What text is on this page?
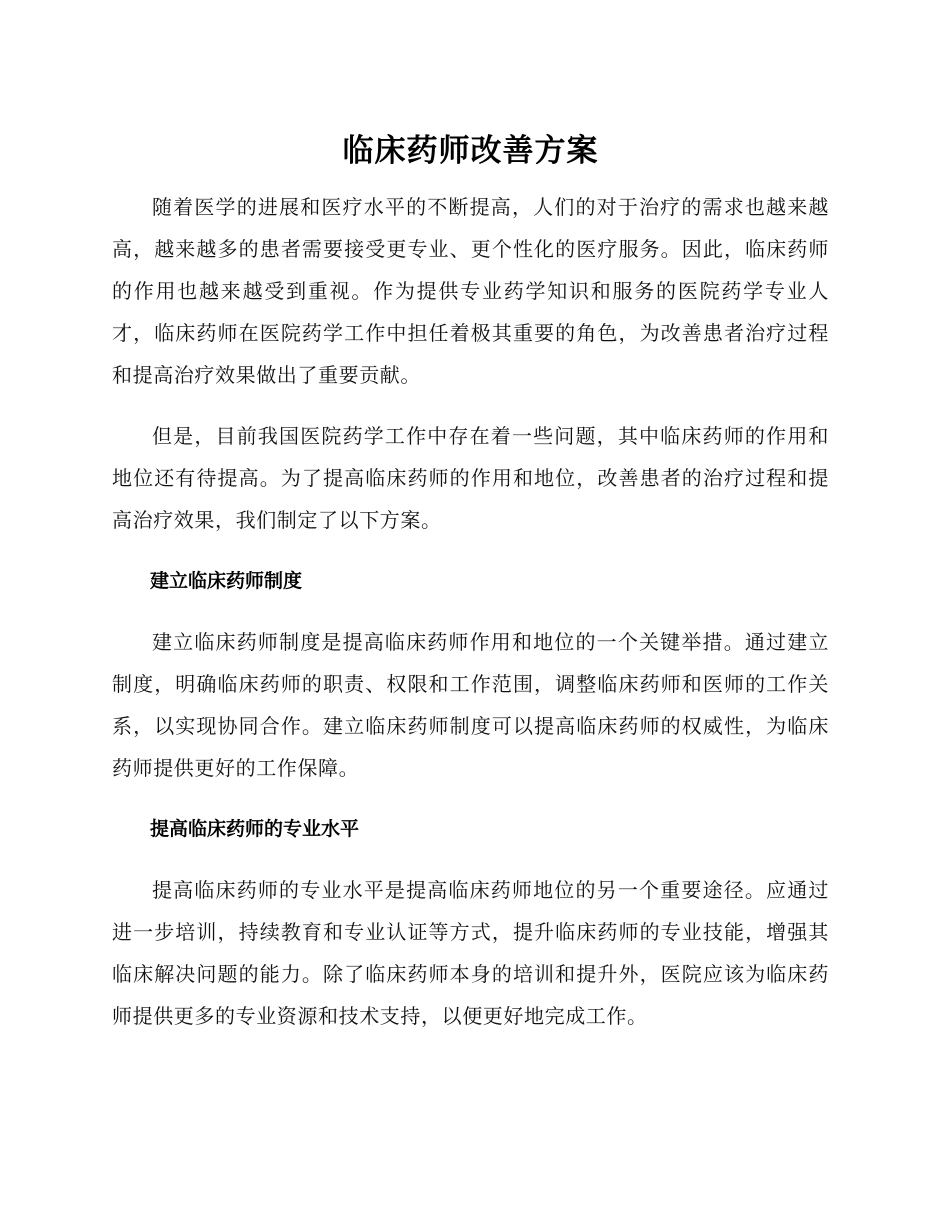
临床药师改善方案

随着医学的进展和医疗水平的不断提高，人们的对于治疗的需求也越来越高，越来越多的患者需要接受更专业、更个性化的医疗服务。因此，临床药师的作用也越来越受到重视。作为提供专业药学知识和服务的医院药学专业人才，临床药师在医院药学工作中担任着极其重要的角色，为改善患者治疗过程和提高治疗效果做出了重要贡献。

但是，目前我国医院药学工作中存在着一些问题，其中临床药师的作用和地位还有待提高。为了提高临床药师的作用和地位，改善患者的治疗过程和提高治疗效果，我们制定了以下方案。

建立临床药师制度

建立临床药师制度是提高临床药师作用和地位的一个关键举措。通过建立制度，明确临床药师的职责、权限和工作范围，调整临床药师和医师的工作关系，以实现协同合作。建立临床药师制度可以提高临床药师的权威性，为临床药师提供更好的工作保障。

提高临床药师的专业水平

提高临床药师的专业水平是提高临床药师地位的另一个重要途径。应通过进一步培训，持续教育和专业认证等方式，提升临床药师的专业技能，增强其临床解决问题的能力。除了临床药师本身的培训和提升外，医院应该为临床药师提供更多的专业资源和技术支持，以便更好地完成工作。
